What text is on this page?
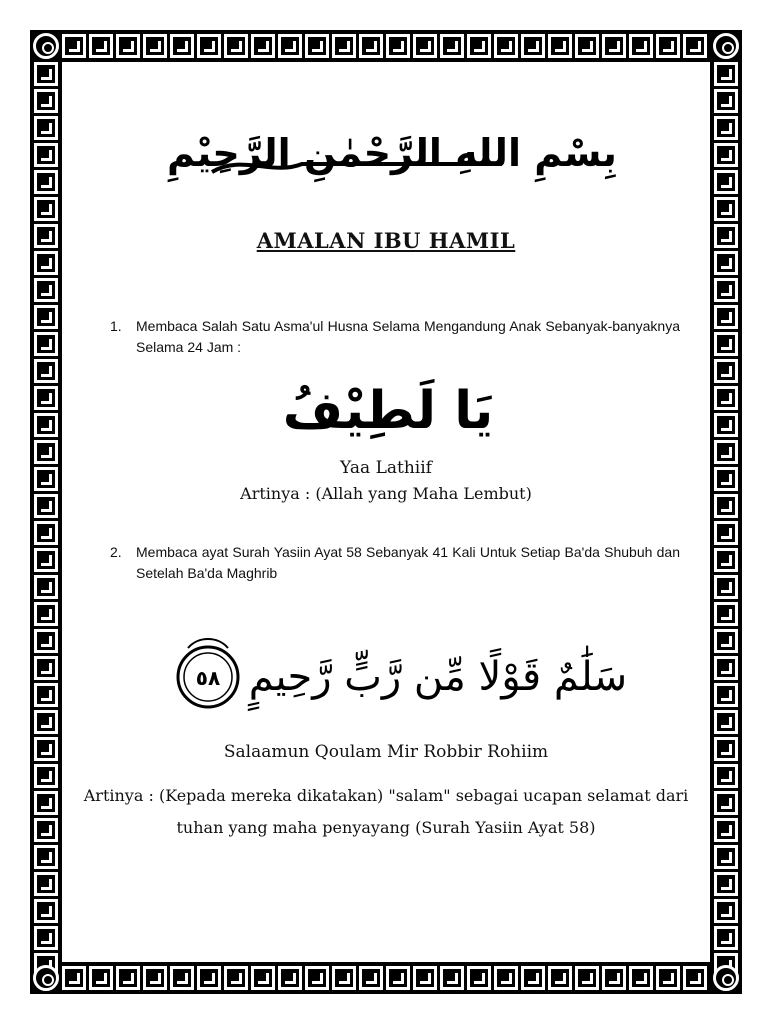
بِسْمِ اللهِ الرَّحْمٰنِ الرَّحِيْمِ
AMALAN IBU HAMIL
1. Membaca Salah Satu Asma'ul Husna Selama Mengandung Anak Sebanyak-banyaknya Selama 24 Jam :
يَا لَطِيْفُ
Yaa Lathiif
Artinya : (Allah yang Maha Lembut)
2. Membaca ayat Surah Yasiin Ayat 58 Sebanyak 41 Kali Untuk Setiap Ba'da Shubuh dan Setelah Ba'da Maghrib
٥٨ سَلَٰمٌ قَوْلًا مِّن رَّبٍّ رَّحِيمٍ
Salaamun Qoulam Mir Robbir Rohiim
Artinya : (Kepada mereka dikatakan) "salam" sebagai ucapan selamat dari tuhan yang maha penyayang (Surah Yasiin Ayat 58)
